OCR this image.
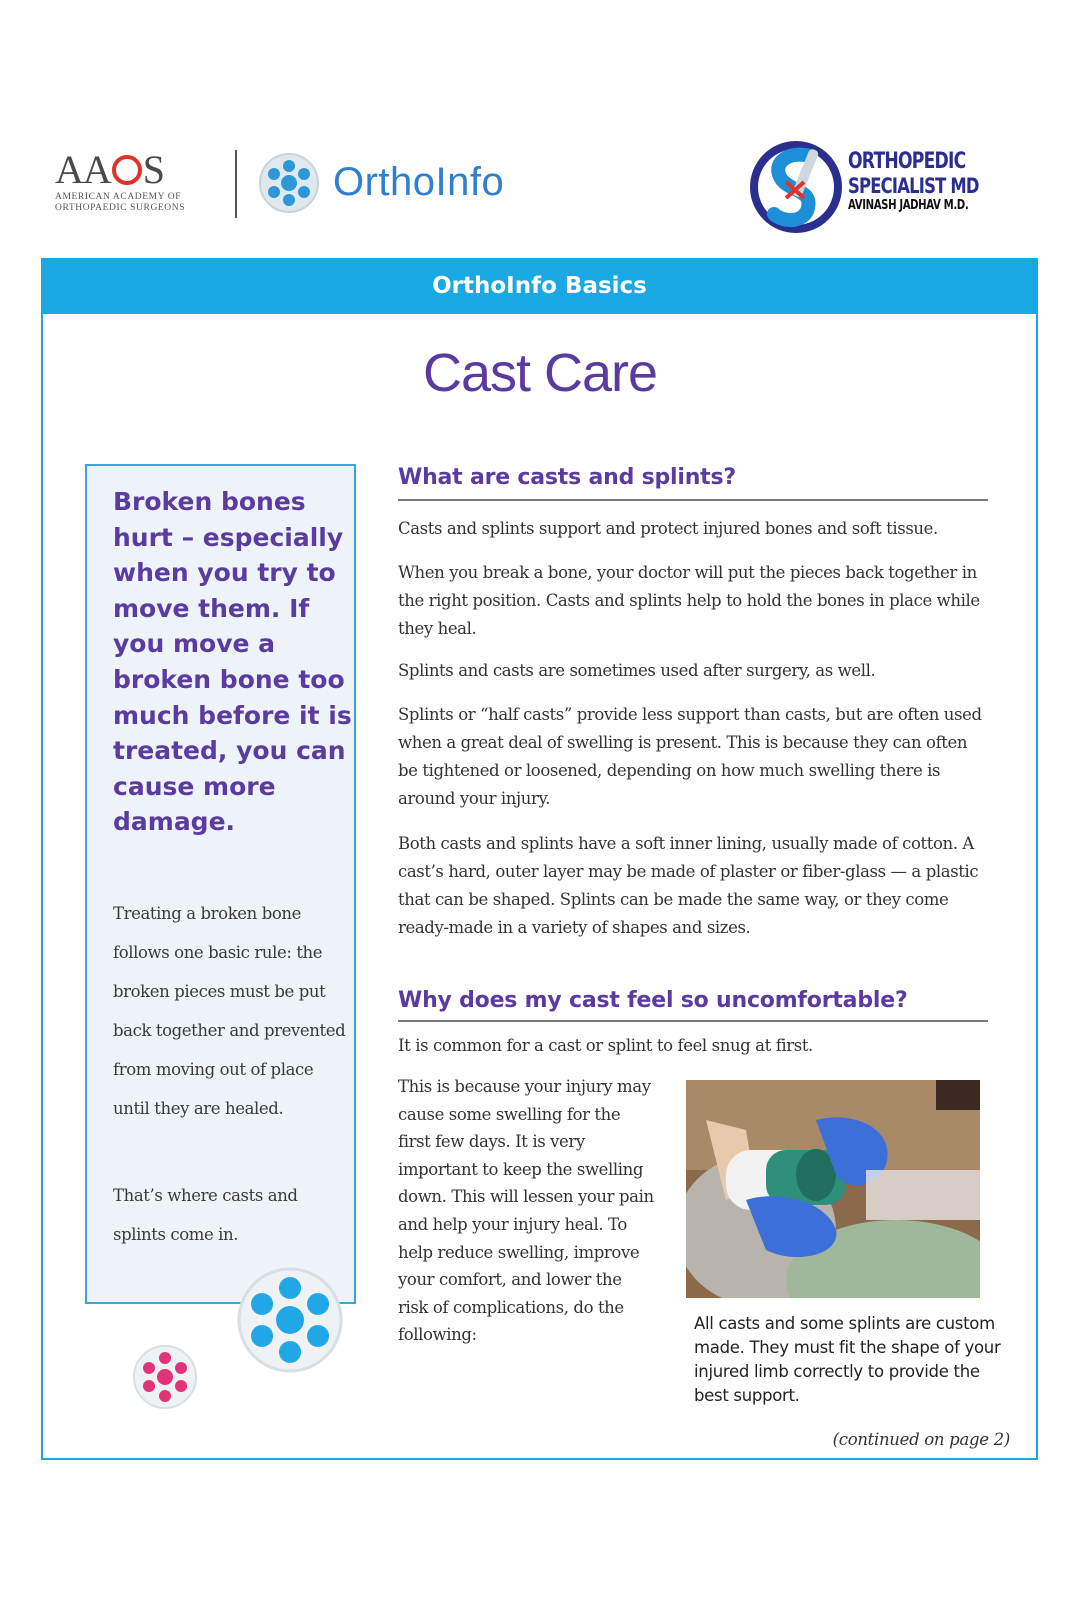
A A S
AMERICAN ACADEMY OF
ORTHOPAEDIC SURGEONS
OrthoInfo	ORTHOPEDIC
SPECIALIST MD
AVINASH JADHAV M.D.
OrthoInfo Basics
Cast Care

Broken bones hurt – especially when you try to move them. If you move a broken bone too much before it is treated, you can cause more damage.

Treating a broken bone follows one basic rule: the broken pieces must be put back together and prevented from moving out of place until they are healed.

That’s where casts and splints come in.

What are casts and splints?

Casts and splints support and protect injured bones and soft tissue.

When you break a bone, your doctor will put the pieces back together in the right position. Casts and splints help to hold the bones in place while they heal.

Splints and casts are sometimes used after surgery, as well.

Splints or “half casts” provide less support than casts, but are often used when a great deal of swelling is present. This is because they can often be tightened or loosened, depending on how much swelling there is around your injury.

Both casts and splints have a soft inner lining, usually made of cotton. A cast’s hard, outer layer may be made of plaster or fiber-glass — a plastic that can be shaped. Splints can be made the same way, or they come ready-made in a variety of shapes and sizes.

Why does my cast feel so uncomfortable?

It is common for a cast or splint to feel snug at first.

This is because your injury may cause some swelling for the first few days. It is very important to keep the swelling down. This will lessen your pain and help your injury heal. To help reduce swelling, improve your comfort, and lower the risk of complications, do the following:

All casts and some splints are custom made. They must fit the shape of your injured limb correctly to provide the best support.

(continued on page 2)
